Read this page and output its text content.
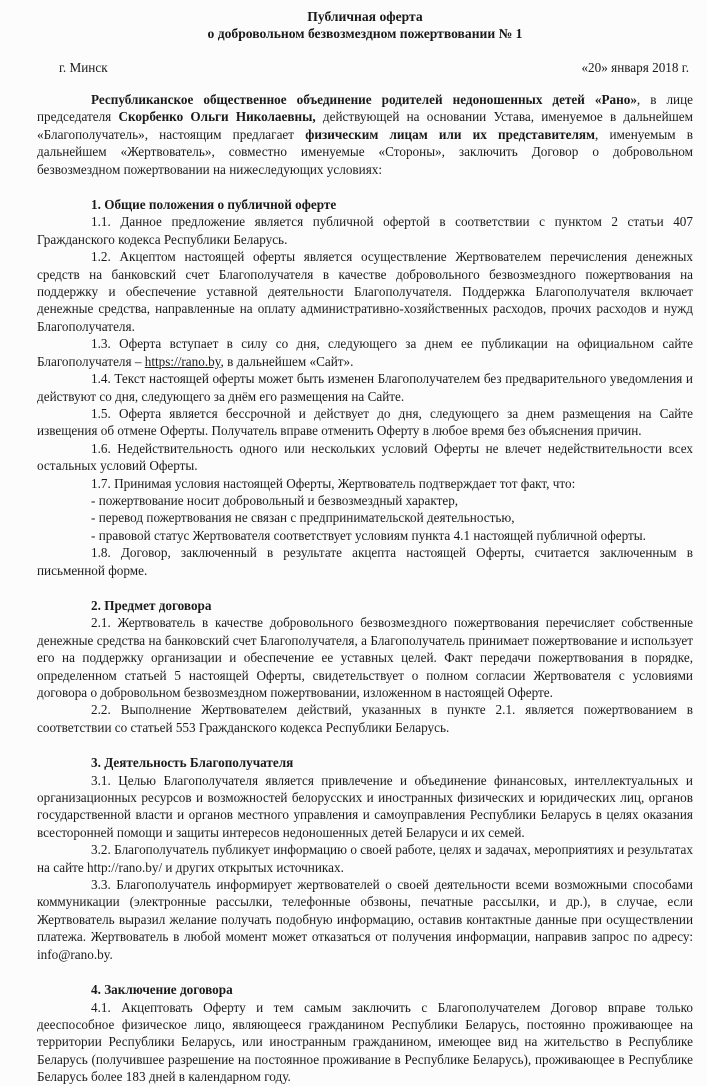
Публичная оферта
о добровольном безвозмездном пожертвовании № 1
г. Минск	«20» января 2018 г.

Республиканское общественное объединение родителей недоношенных детей «Рано», в лице председателя Скорбенко Ольги Николаевны, действующей на основании Устава, именуемое в дальнейшем «Благополучатель», настоящим предлагает физическим лицам или их представителям, именуемым в дальнейшем «Жертвователь», совместно именуемые «Стороны», заключить Договор о добровольном безвозмездном пожертвовании на нижеследующих условиях:

1. Общие положения о публичной оферте

1.1. Данное предложение является публичной офертой в соответствии с пунктом 2 статьи 407 Гражданского кодекса Республики Беларусь.

1.2. Акцептом настоящей оферты является осуществление Жертвователем перечисления денежных средств на банковский счет Благополучателя в качестве добровольного безвозмездного пожертвования на поддержку и обеспечение уставной деятельности Благополучателя. Поддержка Благополучателя включает денежные средства, направленные на оплату административно-хозяйственных расходов, прочих расходов и нужд Благополучателя.

1.3. Оферта вступает в силу со дня, следующего за днем ее публикации на официальном сайте Благополучателя – https://rano.by, в дальнейшем «Сайт».

1.4. Текст настоящей оферты может быть изменен Благополучателем без предварительного уведомления и действуют со дня, следующего за днём его размещения на Сайте.

1.5. Оферта является бессрочной и действует до дня, следующего за днем размещения на Сайте извещения об отмене Оферты. Получатель вправе отменить Оферту в любое время без объяснения причин.

1.6. Недействительность одного или нескольких условий Оферты не влечет недействительности всех остальных условий Оферты.

1.7. Принимая условия настоящей Оферты, Жертвователь подтверждает тот факт, что:

- пожертвование носит добровольный и безвозмездный характер,

- перевод пожертвования не связан с предпринимательской деятельностью,

- правовой статус Жертвователя соответствует условиям пункта 4.1 настоящей публичной оферты.

1.8. Договор, заключенный в результате акцепта настоящей Оферты, считается заключенным в письменной форме.

2. Предмет договора

2.1. Жертвователь в качестве добровольного безвозмездного пожертвования перечисляет собственные денежные средства на банковский счет Благополучателя, а Благополучатель принимает пожертвование и использует его на поддержку организации и обеспечение ее уставных целей. Факт передачи пожертвования в порядке, определенном статьей 5 настоящей Оферты, свидетельствует о полном согласии Жертвователя с условиями договора о добровольном безвозмездном пожертвовании, изложенном в настоящей Оферте.

2.2. Выполнение Жертвователем действий, указанных в пункте 2.1. является пожертвованием в соответствии со статьей 553 Гражданского кодекса Республики Беларусь.

3. Деятельность Благополучателя

3.1. Целью Благополучателя является привлечение и объединение финансовых, интеллектуальных и организационных ресурсов и возможностей белорусских и иностранных физических и юридических лиц, органов государственной власти и органов местного управления и самоуправления Республики Беларусь в целях оказания всесторонней помощи и защиты интересов недоношенных детей Беларуси и их семей.

3.2. Благополучатель публикует информацию о своей работе, целях и задачах, мероприятиях и результатах на сайте http://rano.by/ и других открытых источниках.

3.3. Благополучатель информирует жертвователей о своей деятельности всеми возможными способами коммуникации (электронные рассылки, телефонные обзвоны, печатные рассылки, и др.), в случае, если Жертвователь выразил желание получать подобную информацию, оставив контактные данные при осуществлении платежа. Жертвователь в любой момент может отказаться от получения информации, направив запрос по адресу: info@rano.by.

4. Заключение договора

4.1. Акцептовать Оферту и тем самым заключить с Благополучателем Договор вправе только дееспособное физическое лицо, являющееся гражданином Республики Беларусь, постоянно проживающее на территории Республики Беларусь, или иностранным гражданином, имеющее вид на жительство в Республике Беларусь (получившее разрешение на постоянное проживание в Республике Беларусь), проживающее в Республике Беларусь более 183 дней в календарном году.
